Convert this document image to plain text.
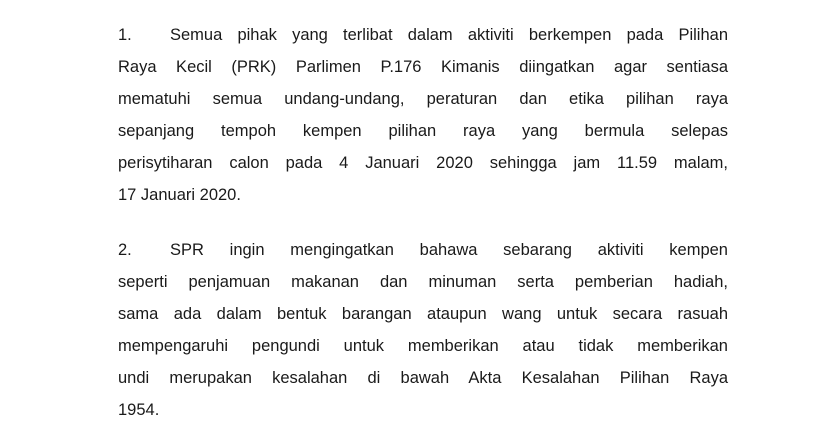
1. Semua pihak yang terlibat dalam aktiviti berkempen pada Pilihan
Raya Kecil (PRK) Parlimen P.176 Kimanis diingatkan agar sentiasa
mematuhi semua undang-undang, peraturan dan etika pilihan raya
sepanjang tempoh kempen pilihan raya yang bermula selepas
perisytiharan calon pada 4 Januari 2020 sehingga jam 11.59 malam,
17 Januari 2020.
2. SPR ingin mengingatkan bahawa sebarang aktiviti kempen
seperti penjamuan makanan dan minuman serta pemberian hadiah,
sama ada dalam bentuk barangan ataupun wang untuk secara rasuah
mempengaruhi pengundi untuk memberikan atau tidak memberikan
undi merupakan kesalahan di bawah Akta Kesalahan Pilihan Raya
1954.
